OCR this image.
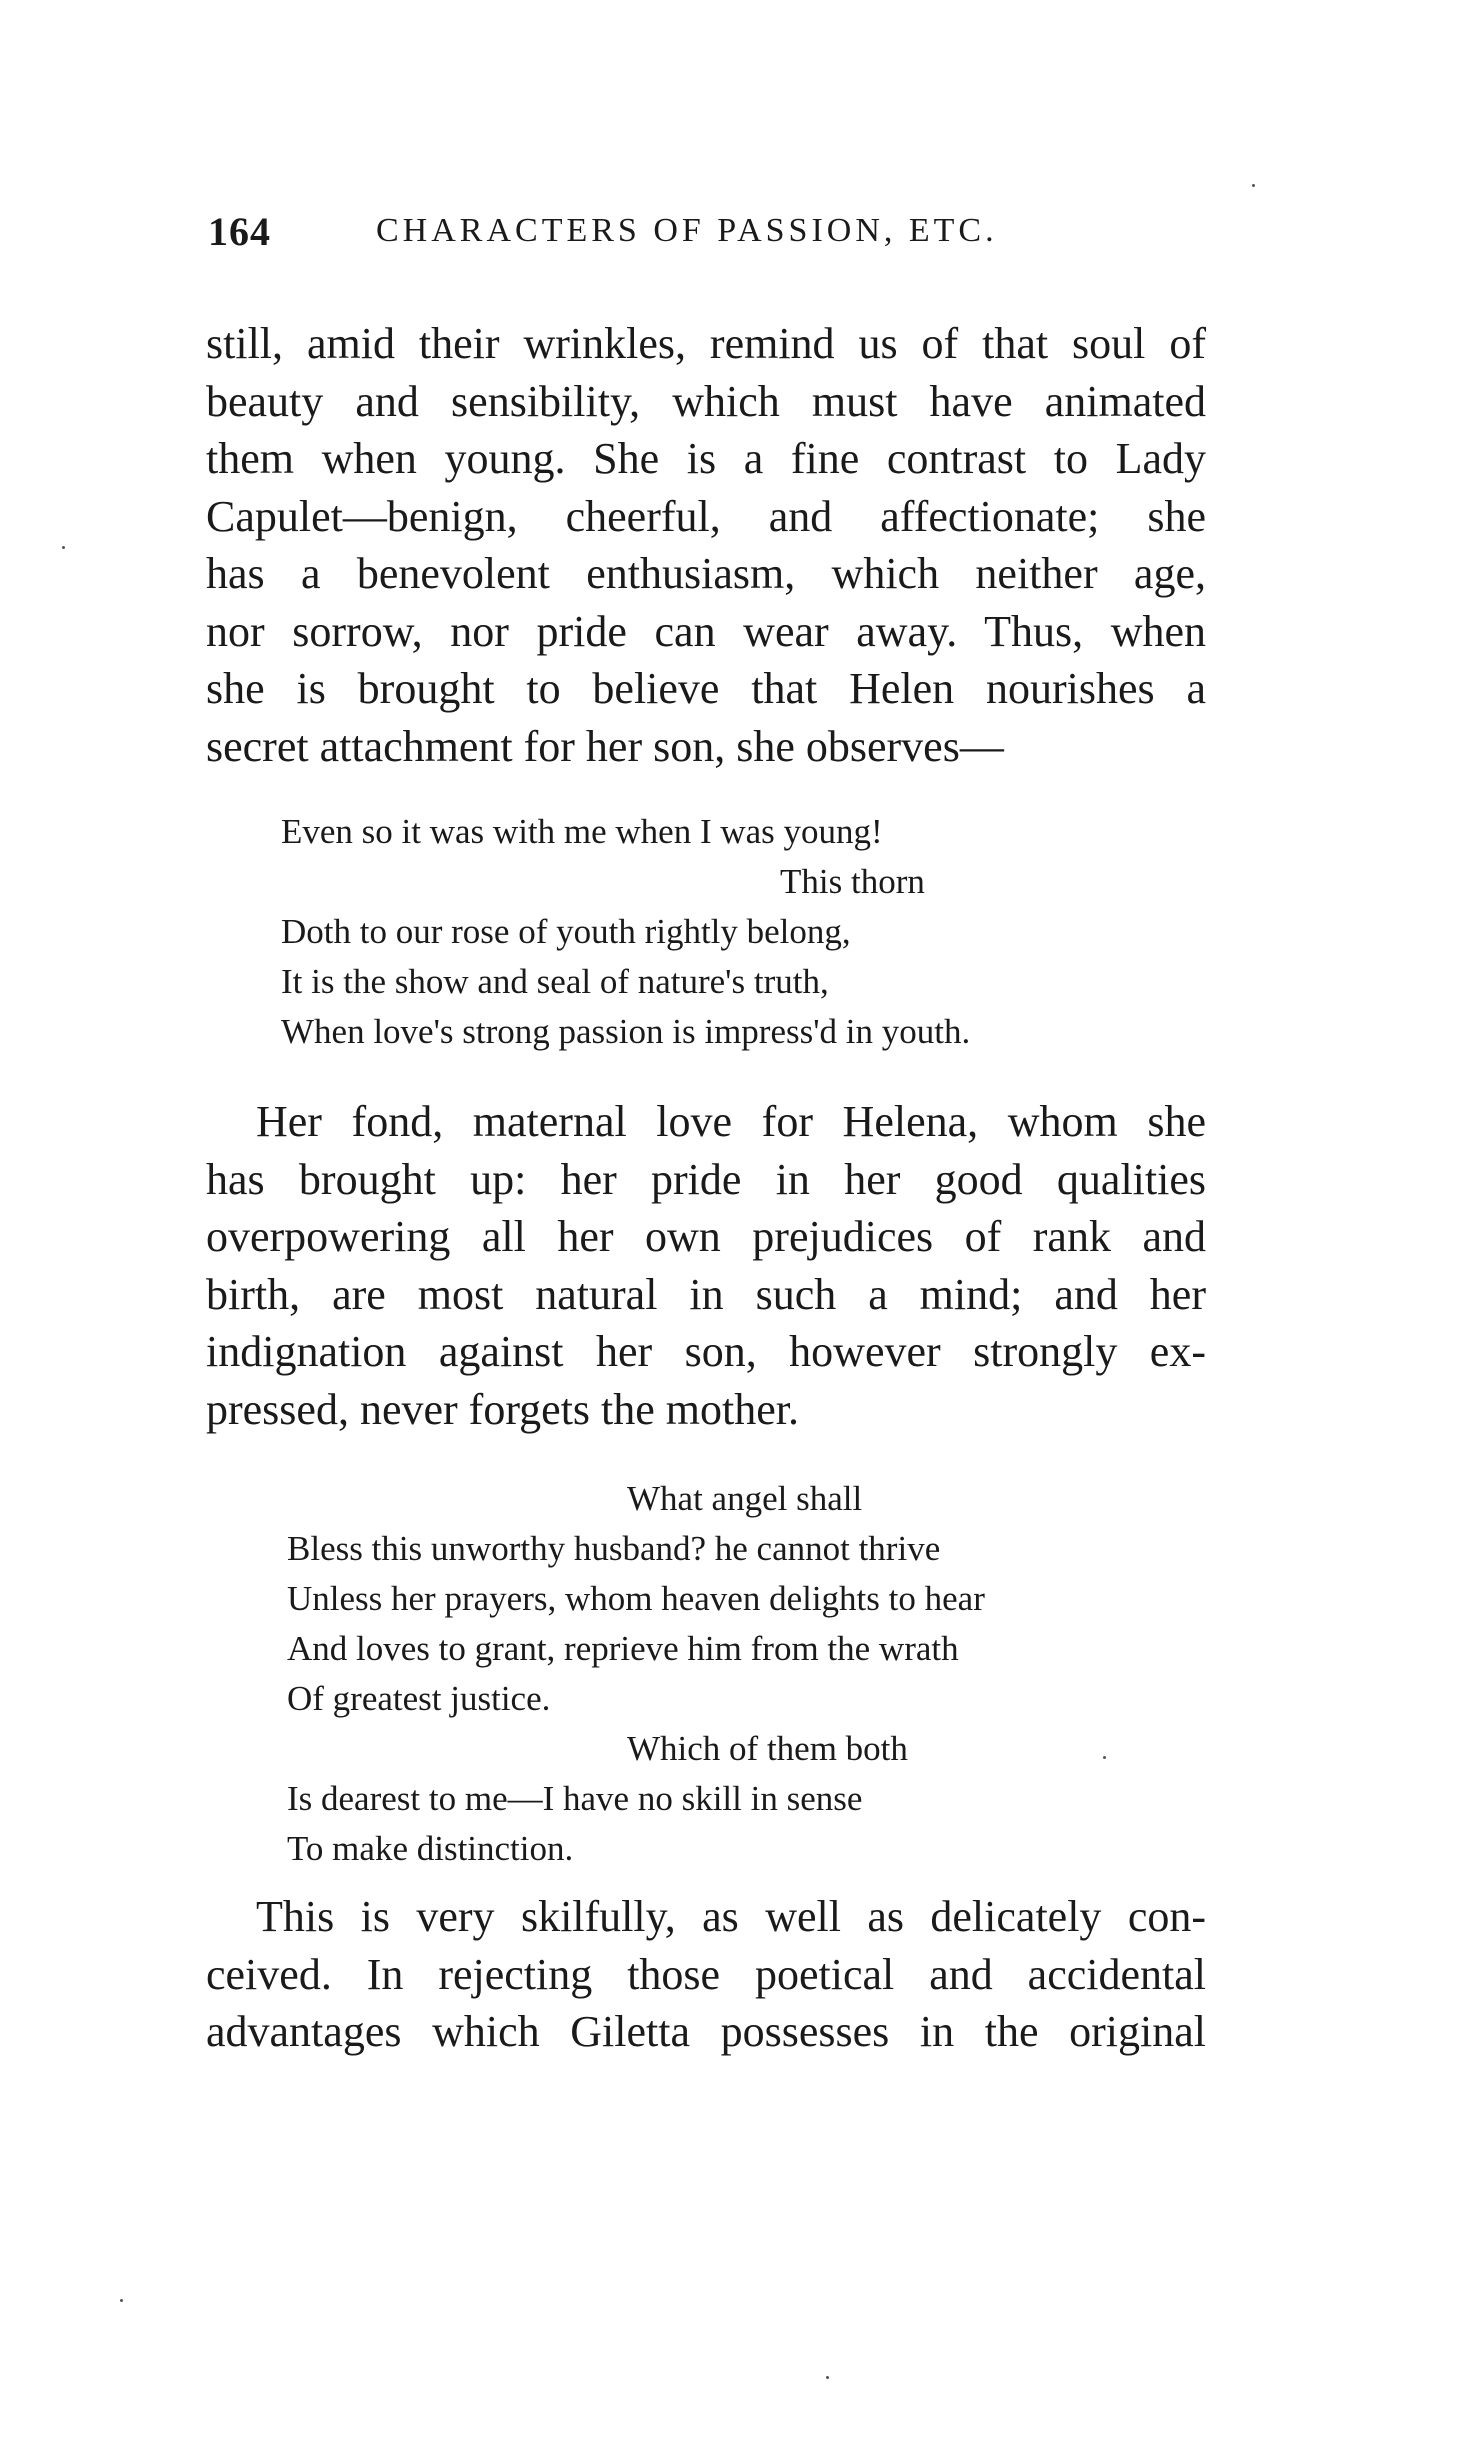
164	CHARACTERS OF PASSION, ETC.
still, amid their wrinkles, remind us of that soul of
beauty and sensibility, which must have animated
them when young. She is a fine contrast to Lady
Capulet—benign, cheerful, and affectionate; she
has a benevolent enthusiasm, which neither age,
nor sorrow, nor pride can wear away. Thus, when
she is brought to believe that Helen nourishes a
secret attachment for her son, she observes—
Even so it was with me when I was young!
This thorn
Doth to our rose of youth rightly belong,
It is the show and seal of nature's truth,
When love's strong passion is impress'd in youth.
Her fond, maternal love for Helena, whom she
has brought up: her pride in her good qualities
overpowering all her own prejudices of rank and
birth, are most natural in such a mind; and her
indignation against her son, however strongly ex-
pressed, never forgets the mother.
What angel shall
Bless this unworthy husband? he cannot thrive
Unless her prayers, whom heaven delights to hear
And loves to grant, reprieve him from the wrath
Of greatest justice.
Which of them both
Is dearest to me—I have no skill in sense
To make distinction.
This is very skilfully, as well as delicately con-
ceived. In rejecting those poetical and accidental
advantages which Giletta possesses in the original
